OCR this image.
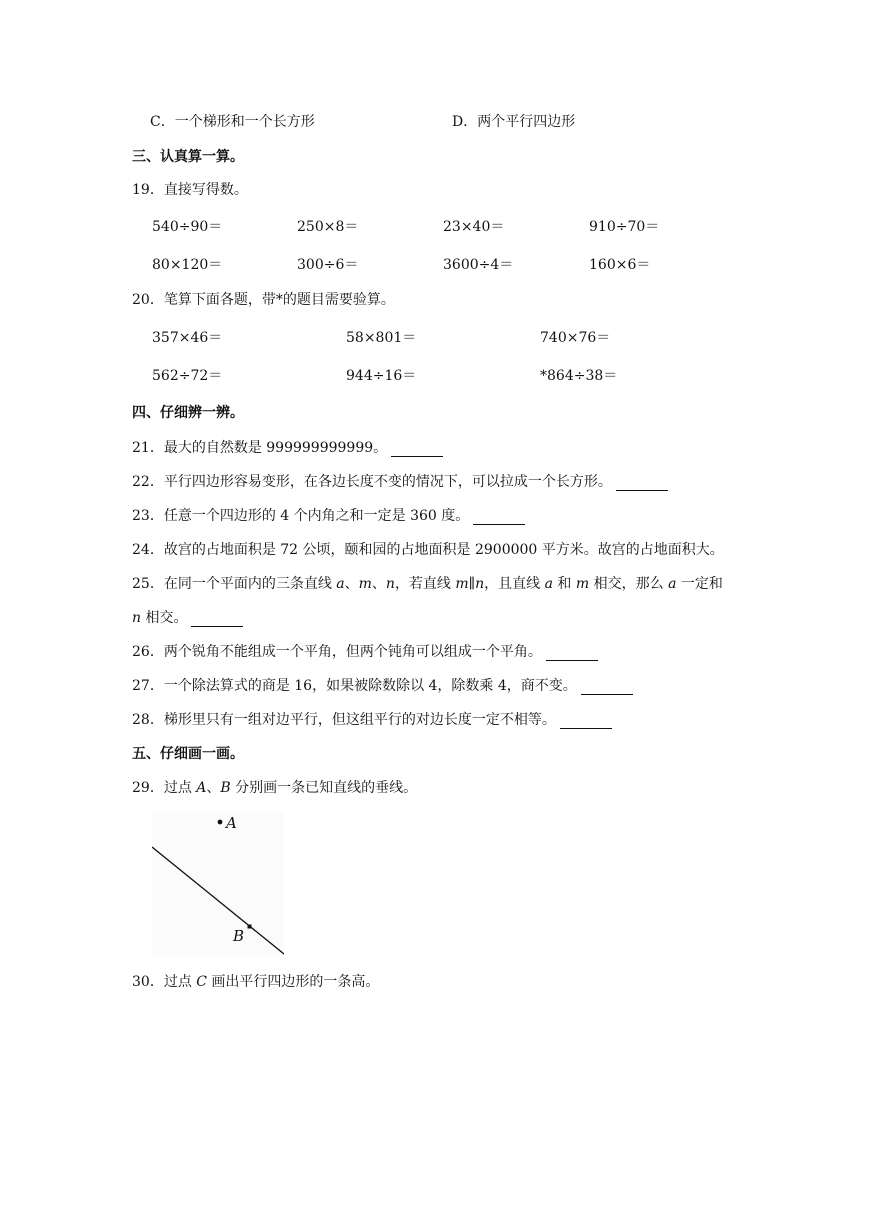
C．一个梯形和一个长方形	D．两个平行四边形
三、认真算一算。
19．直接写得数。
540÷90＝	250×8＝	23×40＝	910÷70＝
80×120＝	300÷6＝	3600÷4＝	160×6＝
20．笔算下面各题，带*的题目需要验算。
357×46＝	58×801＝	740×76＝
562÷72＝	944÷16＝	*864÷38＝
四、仔细辨一辨。
21．最大的自然数是 999999999999。
22．平行四边形容易变形，在各边长度不变的情况下，可以拉成一个长方形。
23．任意一个四边形的 4 个内角之和一定是 360 度。
24．故宫的占地面积是 72 公顷，颐和园的占地面积是 2900000 平方米。故宫的占地面积大。
25．在同一个平面内的三条直线 a、m、n，若直线 m∥n，且直线 a 和 m 相交，那么 a 一定和
n 相交。
26．两个锐角不能组成一个平角，但两个钝角可以组成一个平角。
27．一个除法算式的商是 16，如果被除数除以 4，除数乘 4，商不变。
28．梯形里只有一组对边平行，但这组平行的对边长度一定不相等。
五、仔细画一画。
29．过点 A、B 分别画一条已知直线的垂线。
A
B
30．过点 C 画出平行四边形的一条高。
